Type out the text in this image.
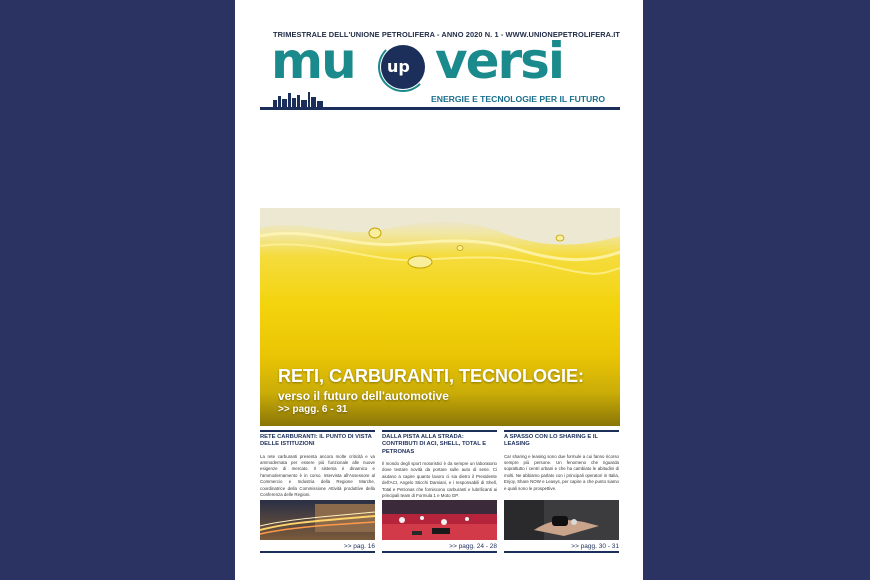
TRIMESTRALE DELL'UNIONE PETROLIFERA - ANNO 2020 N. 1 - WWW.UNIONEPETROLIFERA.IT
mu up versi
ENERGIE E TECNOLOGIE PER IL FUTURO
RETI, CARBURANTI, TECNOLOGIE:
verso il futuro dell'automotive
>> pagg. 6 - 31
RETE CARBURANTI: IL PUNTO DI VISTA DELLE ISTITUZIONI
La rete carburanti presenta ancora molte criticità e va ammodernata per essere più funzionale alle nuove esigenze di mercato. Il sistema è dinamico e l'ammodernamento è in corso. Intervista all'Assessore al Commercio e Industria della Regione Marche, coordinatrice della Commissione Attività produttive della Conferenza delle Regioni.
>> pag. 16
DALLA PISTA ALLA STRADA: CONTRIBUTI DI ACI, SHELL, TOTAL E PETRONAS
Il mondo degli sport motoristici è da sempre un laboratorio dove testare novità da portare sulle auto di serie. Ci aiutano a capire quanto lavoro ci sia dietro il Presidente dell'ACI, Angelo Sticchi Damiani, e i responsabili di Shell, Total e Petronas che forniscono carburanti e lubrificanti ai principali team di Formula 1 e Moto GP.
>> pagg. 24 - 28
A SPASSO CON LO SHARING E IL LEASING
Car sharing e leasing sono due formule a cui fanno ricorso sempre più persone. Un fenomeno che riguarda soprattutto i centri urbani e che ha cambiato le abitudini di molti. Ne abbiamo parlato con i principali operatori in Italia, Enjoy, Share NOW e Leasys, per capire a che punto siamo e quali sono le prospettive.
>> pagg. 30 - 31
